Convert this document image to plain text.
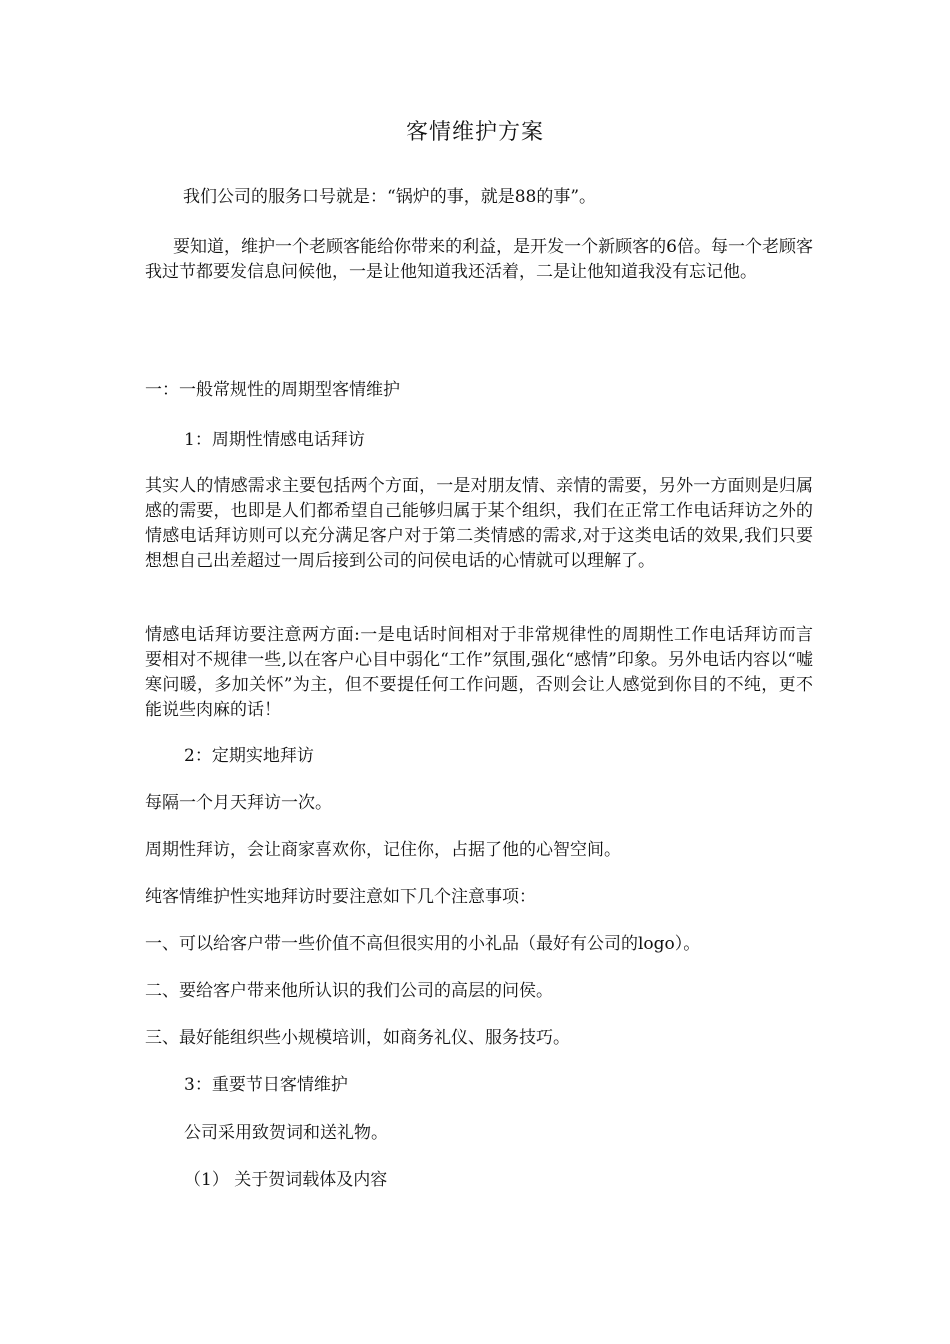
客情维护方案

我们公司的服务口号就是：“锅炉的事，就是88的事”。

要知道，维护一个老顾客能给你带来的利益，是开发一个新顾客的6倍。每一个老顾客我过节都要发信息问候他，一是让他知道我还活着，二是让他知道我没有忘记他。

一：一般常规性的周期型客情维护

1：周期性情感电话拜访

其实人的情感需求主要包括两个方面，一是对朋友情、亲情的需要，另外一方面则是归属感的需要，也即是人们都希望自己能够归属于某个组织，我们在正常工作电话拜访之外的情感电话拜访则可以充分满足客户对于第二类情感的需求,对于这类电话的效果,我们只要想想自己出差超过一周后接到公司的问侯电话的心情就可以理解了。

情感电话拜访要注意两方面:一是电话时间相对于非常规律性的周期性工作电话拜访而言要相对不规律一些,以在客户心目中弱化“工作”氛围,强化“感情”印象。另外电话内容以“嘘寒问暖，多加关怀”为主，但不要提任何工作问题，否则会让人感觉到你目的不纯，更不能说些肉麻的话！

2：定期实地拜访

每隔一个月天拜访一次。

周期性拜访，会让商家喜欢你，记住你，占据了他的心智空间。

纯客情维护性实地拜访时要注意如下几个注意事项：

一、可以给客户带一些价值不高但很实用的小礼品（最好有公司的logo）。

二、要给客户带来他所认识的我们公司的高层的问侯。

三、最好能组织些小规模培训，如商务礼仪、服务技巧。

3：重要节日客情维护

公司采用致贺词和送礼物。

（1） 关于贺词载体及内容
